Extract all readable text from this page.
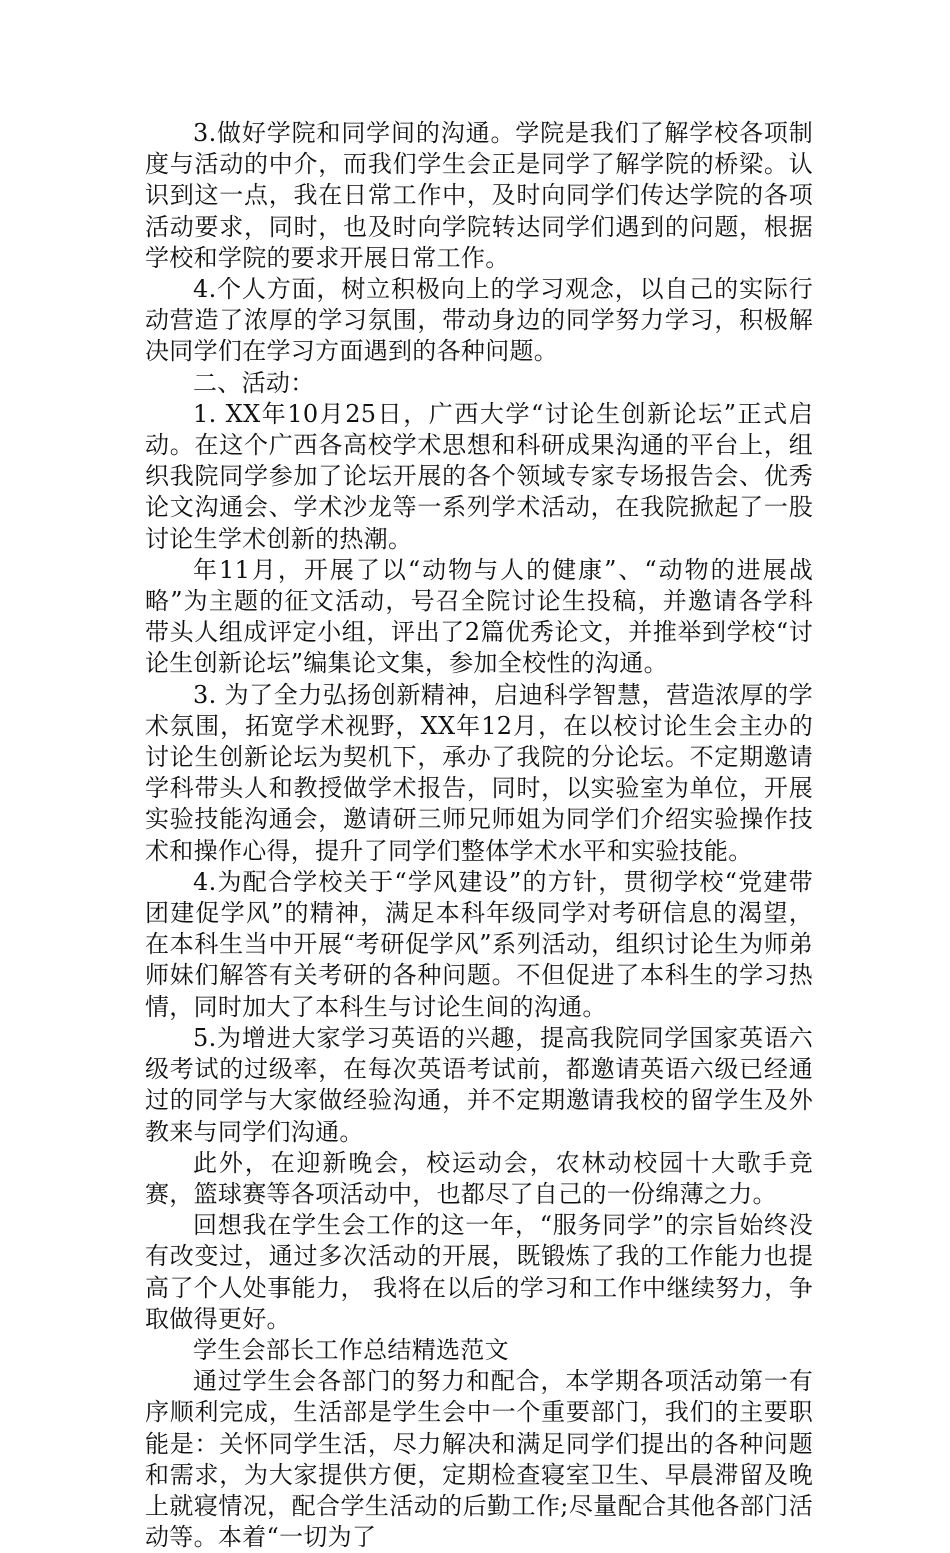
3.做好学院和同学间的沟通。学院是我们了解学校各项制度与活动的中介，而我们学生会正是同学了解学院的桥梁。认识到这一点，我在日常工作中，及时向同学们传达学院的各项活动要求，同时，也及时向学院转达同学们遇到的问题，根据学校和学院的要求开展日常工作。

4.个人方面，树立积极向上的学习观念，以自己的实际行动营造了浓厚的学习氛围，带动身边的同学努力学习，积极解决同学们在学习方面遇到的各种问题。

二、活动：

1. XX年10月25日，广西大学“讨论生创新论坛”正式启动。在这个广西各高校学术思想和科研成果沟通的平台上，组织我院同学参加了论坛开展的各个领域专家专场报告会、优秀论文沟通会、学术沙龙等一系列学术活动，在我院掀起了一股讨论生学术创新的热潮。

年11月，开展了以“动物与人的健康”、“动物的进展战略”为主题的征文活动，号召全院讨论生投稿，并邀请各学科带头人组成评定小组，评出了2篇优秀论文，并推举到学校“讨论生创新论坛”编集论文集，参加全校性的沟通。

3. 为了全力弘扬创新精神，启迪科学智慧，营造浓厚的学术氛围，拓宽学术视野，XX年12月，在以校讨论生会主办的讨论生创新论坛为契机下，承办了我院的分论坛。不定期邀请学科带头人和教授做学术报告，同时，以实验室为单位，开展实验技能沟通会，邀请研三师兄师姐为同学们介绍实验操作技术和操作心得，提升了同学们整体学术水平和实验技能。

4.为配合学校关于“学风建设”的方针，贯彻学校“党建带团建促学风”的精神，满足本科年级同学对考研信息的渴望，在本科生当中开展“考研促学风”系列活动，组织讨论生为师弟师妹们解答有关考研的各种问题。不但促进了本科生的学习热情，同时加大了本科生与讨论生间的沟通。

5.为增进大家学习英语的兴趣，提高我院同学国家英语六级考试的过级率，在每次英语考试前，都邀请英语六级已经通过的同学与大家做经验沟通，并不定期邀请我校的留学生及外教来与同学们沟通。

此外，在迎新晚会，校运动会，农林动校园十大歌手竞赛，篮球赛等各项活动中，也都尽了自己的一份绵薄之力。

回想我在学生会工作的这一年，“服务同学”的宗旨始终没有改变过，通过多次活动的开展，既锻炼了我的工作能力也提高了个人处事能力， 我将在以后的学习和工作中继续努力，争取做得更好。

学生会部长工作总结精选范文

通过学生会各部门的努力和配合，本学期各项活动第一有序顺利完成，生活部是学生会中一个重要部门，我们的主要职能是：关怀同学生活，尽力解决和满足同学们提出的各种问题和需求，为大家提供方便，定期检查寝室卫生、早晨滞留及晚上就寝情况，配合学生活动的后勤工作;尽量配合其他各部门活动等。本着“一切为了
